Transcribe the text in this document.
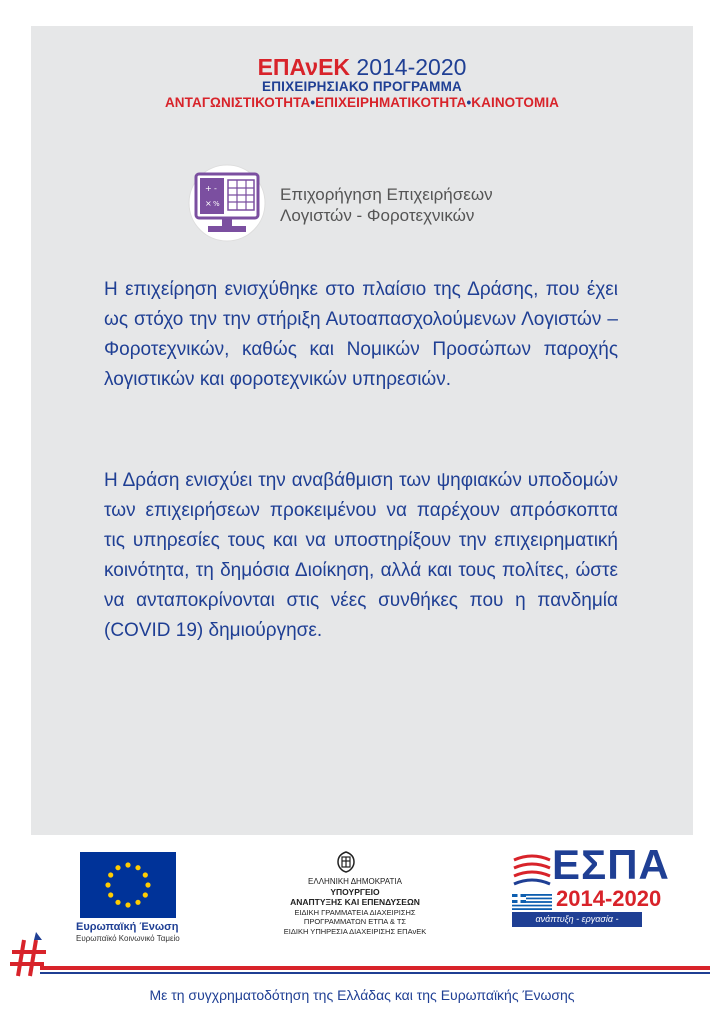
ΕΠΑνΕΚ 2014-2020
ΕΠΙΧΕΙΡΗΣΙΑΚΟ ΠΡΟΓΡΑΜΜΑ
ΑΝΤΑΓΩΝΙΣΤΙΚΟΤΗΤΑ•ΕΠΙΧΕΙΡΗΜΑΤΙΚΟΤΗΤΑ•ΚΑΙΝΟΤΟΜΙΑ
+ -
× %	Επιχορήγηση Επιχειρήσεων
Λογιστών - Φοροτεχνικών
Η επιχείρηση ενισχύθηκε στο πλαίσιο της Δράσης, που έχει ως στόχο την την στήριξη Αυτοαπασχολούμενων Λογιστών – Φοροτεχνικών, καθώς και Νομικών Προσώπων παροχής λογιστικών και φοροτεχνικών υπηρεσιών.
Η Δράση ενισχύει την αναβάθμιση των ψηφιακών υποδομών των επιχειρήσεων προκειμένου να παρέχουν απρόσκοπτα τις υπηρεσίες τους και να υποστηρίξουν την επιχειρηματική κοινότητα, τη δημόσια Διοίκηση, αλλά και τους πολίτες, ώστε να ανταποκρίνονται στις νέες συνθήκες που η πανδημία (COVID 19) δημιούργησε.
Ευρωπαϊκή Ένωση
Ευρωπαϊκό Κοινωνικό Ταμείο
ΕΛΛΗΝΙΚΗ ΔΗΜΟΚΡΑΤΙΑ
ΥΠΟΥΡΓΕΙΟ
ΑΝΑΠΤΥΞΗΣ ΚΑΙ ΕΠΕΝΔΥΣΕΩΝ
ΕΙΔΙΚΗ ΓΡΑΜΜΑΤΕΙΑ ΔΙΑΧΕΙΡΙΣΗΣ
ΠΡΟΓΡΑΜΜΑΤΩΝ ΕΤΠΑ & ΤΣ
ΕΙΔΙΚΗ ΥΠΗΡΕΣΙΑ ΔΙΑΧΕΙΡΙΣΗΣ ΕΠΑνΕΚ
ΕΣΠΑ
2014-2020
ανάπτυξη - εργασία - αλληλεγγύη
Με τη συγχρηματοδότηση της Ελλάδας και της Ευρωπαϊκής Ένωσης
